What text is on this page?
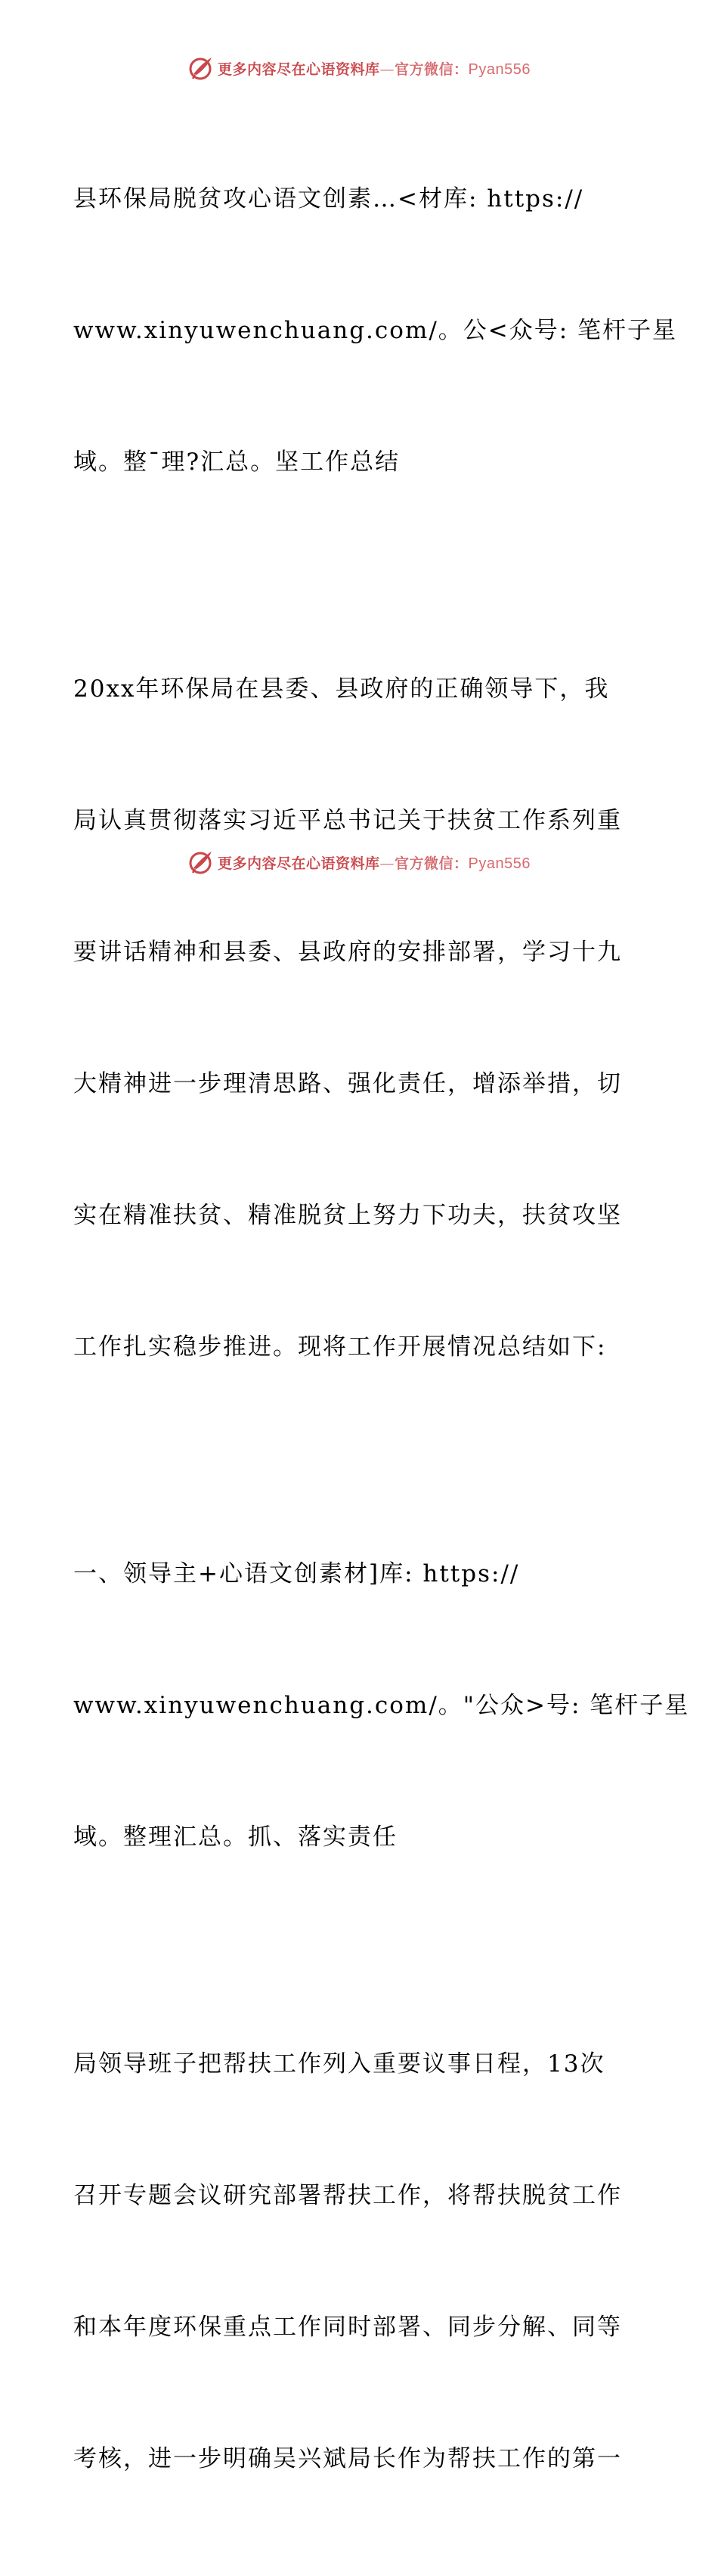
更多内容尽在心语资料库—官方微信：Pyan556

县环保局脱贫攻心语文创素…<材库: https://

www.xinyuwenchuang.com/。公<众号: 笔杆子星

域。整¯理?汇总。坚工作总结

20xx年环保局在县委、县政府的正确领导下，我

局认真贯彻落实习近平总书记关于扶贫工作系列重

要讲话精神和县委、县政府的安排部署，学习十九

大精神进一步理清思路、强化责任，增添举措，切

实在精准扶贫、精准脱贫上努力下功夫，扶贫攻坚

工作扎实稳步推进。现将工作开展情况总结如下:

一、领导主+心语文创素材]库: https://

www.xinyuwenchuang.com/。"公众>号: 笔杆子星

域。整理汇总。抓、落实责任

局领导班子把帮扶工作列入重要议事日程，13次

召开专题会议研究部署帮扶工作，将帮扶脱贫工作

和本年度环保重点工作同时部署、同步分解、同等

考核，进一步明确吴兴斌局长作为帮扶工作的第一

更多内容尽在心语资料库—官方微信：Pyan556
